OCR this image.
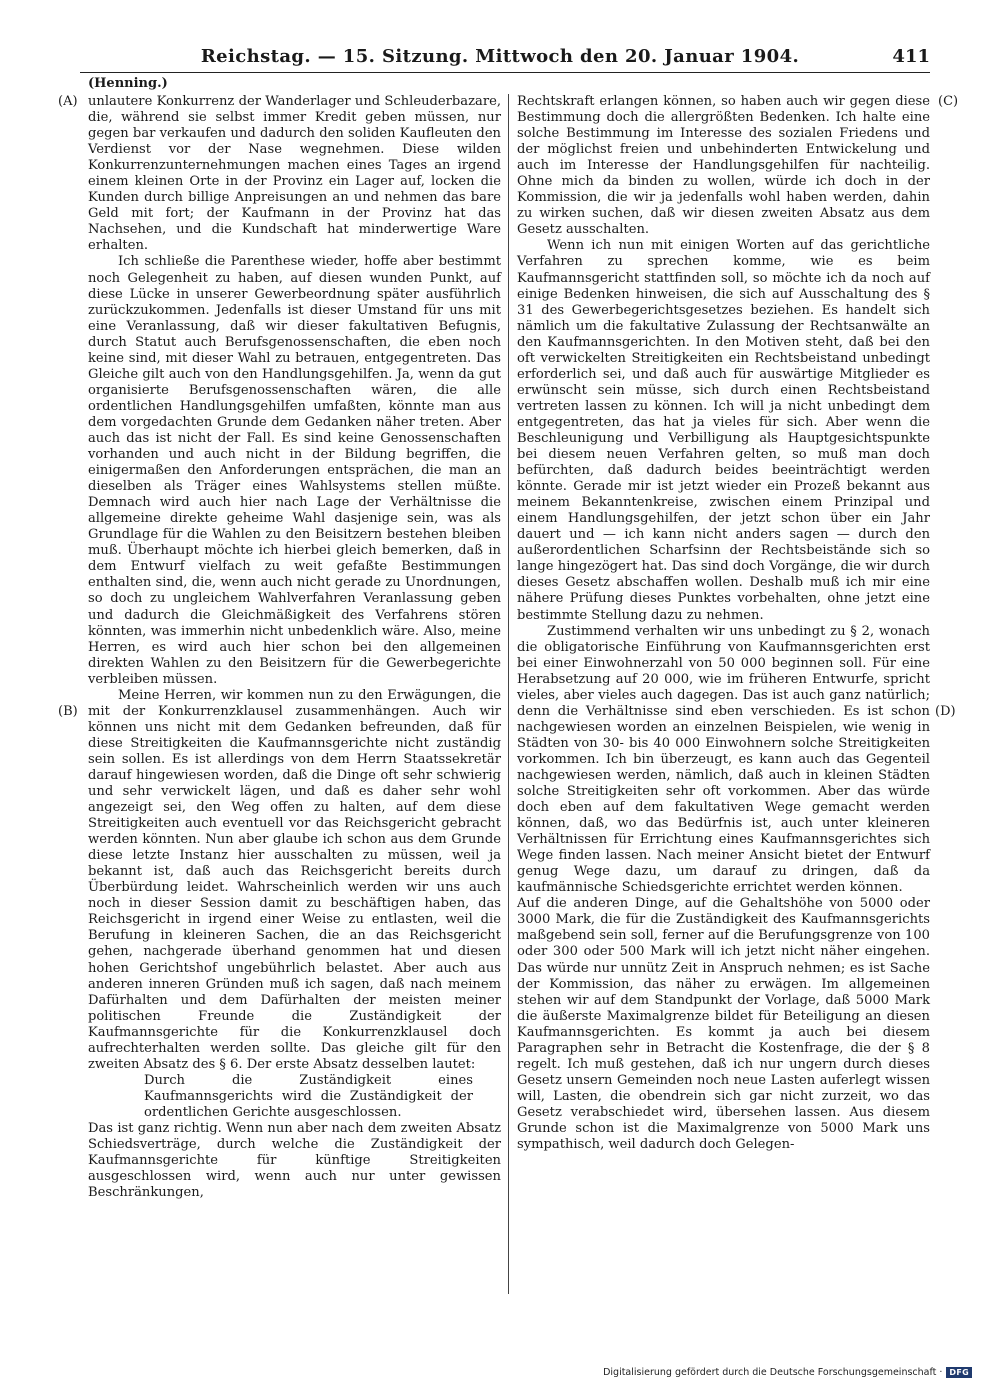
Reichstag. — 15. Sitzung. Mittwoch den 20. Januar 1904.	411
(Henning.)
(A)
(B)
(C)
(D)

unlautere Konkurrenz der Wanderlager und Schleuderbazare, die, während sie selbst immer Kredit geben müssen, nur gegen bar verkaufen und dadurch den soliden Kaufleuten den Verdienst vor der Nase wegnehmen. Diese wilden Konkurrenzunternehmungen machen eines Tages an irgend einem kleinen Orte in der Provinz ein Lager auf, locken die Kunden durch billige Anpreisungen an und nehmen das bare Geld mit fort; der Kaufmann in der Provinz hat das Nachsehen, und die Kundschaft hat minderwertige Ware erhalten.

Ich schließe die Parenthese wieder, hoffe aber bestimmt noch Gelegenheit zu haben, auf diesen wunden Punkt, auf diese Lücke in unserer Gewerbeordnung später ausführlich zurückzukommen. Jedenfalls ist dieser Umstand für uns mit eine Veranlassung, daß wir dieser fakultativen Befugnis, durch Statut auch Berufsgenossenschaften, die eben noch keine sind, mit dieser Wahl zu betrauen, entgegentreten. Das Gleiche gilt auch von den Handlungsgehilfen. Ja, wenn da gut organisierte Berufsgenossenschaften wären, die alle ordentlichen Handlungsgehilfen umfaßten, könnte man aus dem vorgedachten Grunde dem Gedanken näher treten. Aber auch das ist nicht der Fall. Es sind keine Genossenschaften vorhanden und auch nicht in der Bildung begriffen, die einigermaßen den Anforderungen entsprächen, die man an dieselben als Träger eines Wahlsystems stellen müßte. Demnach wird auch hier nach Lage der Verhältnisse die allgemeine direkte geheime Wahl dasjenige sein, was als Grundlage für die Wahlen zu den Beisitzern bestehen bleiben muß. Überhaupt möchte ich hierbei gleich bemerken, daß in dem Entwurf vielfach zu weit gefaßte Bestimmungen enthalten sind, die, wenn auch nicht gerade zu Unordnungen, so doch zu ungleichem Wahlverfahren Veranlassung geben und dadurch die Gleichmäßigkeit des Verfahrens stören könnten, was immerhin nicht unbedenklich wäre. Also, meine Herren, es wird auch hier schon bei den allgemeinen direkten Wahlen zu den Beisitzern für die Gewerbegerichte verbleiben müssen.

Meine Herren, wir kommen nun zu den Erwägungen, die mit der Konkurrenzklausel zusammenhängen. Auch wir können uns nicht mit dem Gedanken befreunden, daß für diese Streitigkeiten die Kaufmannsgerichte nicht zuständig sein sollen. Es ist allerdings von dem Herrn Staatssekretär darauf hingewiesen worden, daß die Dinge oft sehr schwierig und sehr verwickelt lägen, und daß es daher sehr wohl angezeigt sei, den Weg offen zu halten, auf dem diese Streitigkeiten auch eventuell vor das Reichsgericht gebracht werden könnten. Nun aber glaube ich schon aus dem Grunde diese letzte Instanz hier ausschalten zu müssen, weil ja bekannt ist, daß auch das Reichsgericht bereits durch Überbürdung leidet. Wahrscheinlich werden wir uns auch noch in dieser Session damit zu beschäftigen haben, das Reichsgericht in irgend einer Weise zu entlasten, weil die Berufung in kleineren Sachen, die an das Reichsgericht gehen, nachgerade überhand genommen hat und diesen hohen Gerichtshof ungebührlich belastet. Aber auch aus anderen inneren Gründen muß ich sagen, daß nach meinem Dafürhalten und dem Dafürhalten der meisten meiner politischen Freunde die Zuständigkeit der Kaufmannsgerichte für die Konkurrenzklausel doch aufrechterhalten werden sollte. Das gleiche gilt für den zweiten Absatz des § 6. Der erste Absatz desselben lautet:

Durch die Zuständigkeit eines Kaufmannsgerichts wird die Zuständigkeit der ordentlichen Gerichte ausgeschlossen.

Das ist ganz richtig. Wenn nun aber nach dem zweiten Absatz Schiedsverträge, durch welche die Zuständigkeit der Kaufmannsgerichte für künftige Streitigkeiten ausgeschlossen wird, wenn auch nur unter gewissen Beschränkungen,

Rechtskraft erlangen können, so haben auch wir gegen diese Bestimmung doch die allergrößten Bedenken. Ich halte eine solche Bestimmung im Interesse des sozialen Friedens und der möglichst freien und unbehinderten Entwickelung und auch im Interesse der Handlungsgehilfen für nachteilig. Ohne mich da binden zu wollen, würde ich doch in der Kommission, die wir ja jedenfalls wohl haben werden, dahin zu wirken suchen, daß wir diesen zweiten Absatz aus dem Gesetz ausschalten.

Wenn ich nun mit einigen Worten auf das gerichtliche Verfahren zu sprechen komme, wie es beim Kaufmannsgericht stattfinden soll, so möchte ich da noch auf einige Bedenken hinweisen, die sich auf Ausschaltung des § 31 des Gewerbegerichtsgesetzes beziehen. Es handelt sich nämlich um die fakultative Zulassung der Rechtsanwälte an den Kaufmannsgerichten. In den Motiven steht, daß bei den oft verwickelten Streitigkeiten ein Rechtsbeistand unbedingt erforderlich sei, und daß auch für auswärtige Mitglieder es erwünscht sein müsse, sich durch einen Rechtsbeistand vertreten lassen zu können. Ich will ja nicht unbedingt dem entgegentreten, das hat ja vieles für sich. Aber wenn die Beschleunigung und Verbilligung als Hauptgesichtspunkte bei diesem neuen Verfahren gelten, so muß man doch befürchten, daß dadurch beides beeinträchtigt werden könnte. Gerade mir ist jetzt wieder ein Prozeß bekannt aus meinem Bekanntenkreise, zwischen einem Prinzipal und einem Handlungsgehilfen, der jetzt schon über ein Jahr dauert und — ich kann nicht anders sagen — durch den außerordentlichen Scharfsinn der Rechtsbeistände sich so lange hingezögert hat. Das sind doch Vorgänge, die wir durch dieses Gesetz abschaffen wollen. Deshalb muß ich mir eine nähere Prüfung dieses Punktes vorbehalten, ohne jetzt eine bestimmte Stellung dazu zu nehmen.

Zustimmend verhalten wir uns unbedingt zu § 2, wonach die obligatorische Einführung von Kaufmannsgerichten erst bei einer Einwohnerzahl von 50 000 beginnen soll. Für eine Herabsetzung auf 20 000, wie im früheren Entwurfe, spricht vieles, aber vieles auch dagegen. Das ist auch ganz natürlich; denn die Verhältnisse sind eben verschieden. Es ist schon nachgewiesen worden an einzelnen Beispielen, wie wenig in Städten von 30- bis 40 000 Einwohnern solche Streitigkeiten vorkommen. Ich bin überzeugt, es kann auch das Gegenteil nachgewiesen werden, nämlich, daß auch in kleinen Städten solche Streitigkeiten sehr oft vorkommen. Aber das würde doch eben auf dem fakultativen Wege gemacht werden können, daß, wo das Bedürfnis ist, auch unter kleineren Verhältnissen für Errichtung eines Kaufmannsgerichtes sich Wege finden lassen. Nach meiner Ansicht bietet der Entwurf genug Wege dazu, um darauf zu dringen, daß da kaufmännische Schiedsgerichte errichtet werden können.

Auf die anderen Dinge, auf die Gehaltshöhe von 5000 oder 3000 Mark, die für die Zuständigkeit des Kaufmannsgerichts maßgebend sein soll, ferner auf die Berufungsgrenze von 100 oder 300 oder 500 Mark will ich jetzt nicht näher eingehen. Das würde nur unnütz Zeit in Anspruch nehmen; es ist Sache der Kommission, das näher zu erwägen. Im allgemeinen stehen wir auf dem Standpunkt der Vorlage, daß 5000 Mark die äußerste Maximalgrenze bildet für Beteiligung an diesen Kaufmannsgerichten. Es kommt ja auch bei diesem Paragraphen sehr in Betracht die Kostenfrage, die der § 8 regelt. Ich muß gestehen, daß ich nur ungern durch dieses Gesetz unsern Gemeinden noch neue Lasten auferlegt wissen will, Lasten, die obendrein sich gar nicht zurzeit, wo das Gesetz verabschiedet wird, übersehen lassen. Aus diesem Grunde schon ist die Maximalgrenze von 5000 Mark uns sympathisch, weil dadurch doch Gelegen-

Digitalisierung gefördert durch die Deutsche Forschungsgemeinschaft · DFG
